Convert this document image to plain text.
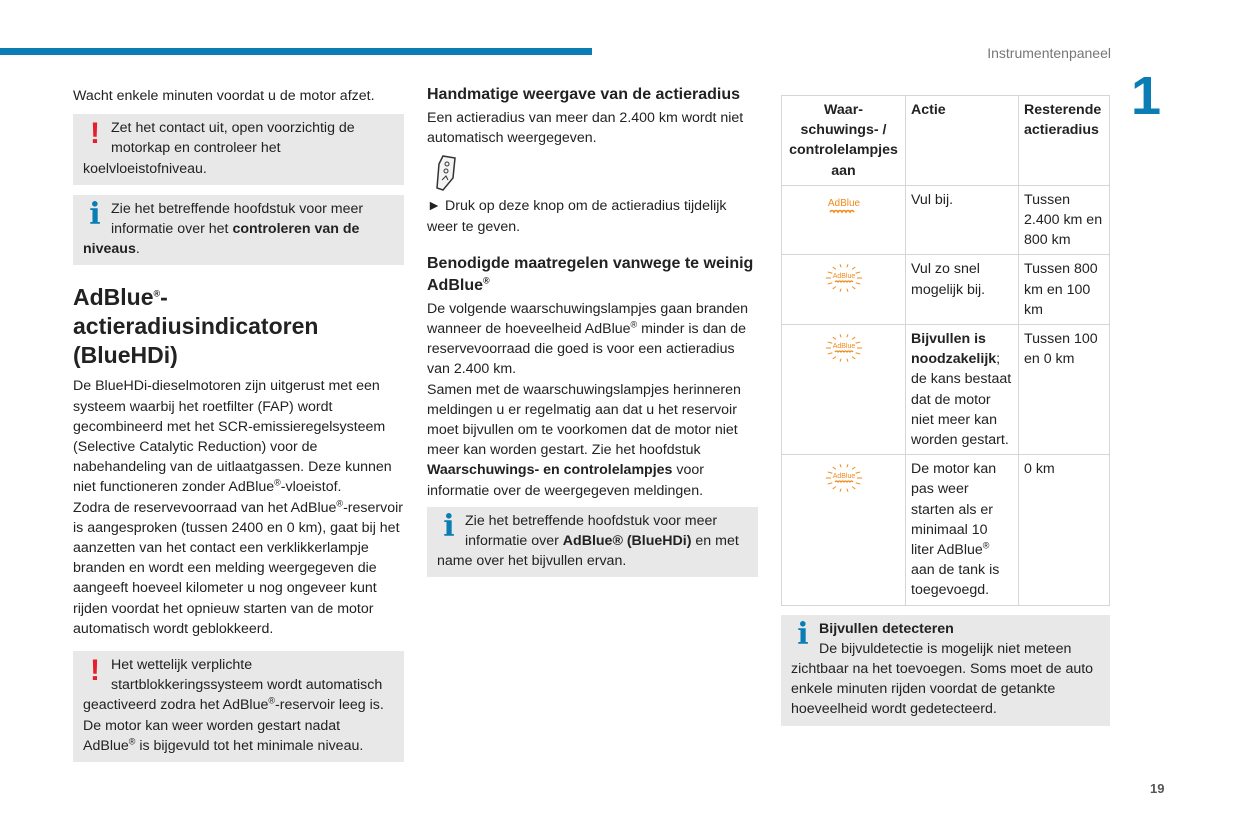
Instrumentenpaneel
1
19

Wacht enkele minuten voordat u de motor afzet.

! Zet het contact uit, open voorzichtig de motorkap en controleer het koelvloeistofniveau.

i Zie het betreffende hoofdstuk voor meer informatie over het controleren van de niveaus.

AdBlue®-actieradiusindicatoren (BlueHDi)

De BlueHDi-dieselmotoren zijn uitgerust met een systeem waarbij het roetfilter (FAP) wordt gecombineerd met het SCR-emissieregelsysteem (Selective Catalytic Reduction) voor de nabehandeling van de uitlaatgassen. Deze kunnen niet functioneren zonder AdBlue®-vloeistof.
Zodra de reservevoorraad van het AdBlue®-reservoir is aangesproken (tussen 2400 en 0 km), gaat bij het aanzetten van het contact een verklikkerlampje branden en wordt een melding weergegeven die aangeeft hoeveel kilometer u nog ongeveer kunt rijden voordat het opnieuw starten van de motor automatisch wordt geblokkeerd.

! Het wettelijk verplichte startblokkeringssysteem wordt automatisch geactiveerd zodra het AdBlue®-reservoir leeg is. De motor kan weer worden gestart nadat AdBlue® is bijgevuld tot het minimale niveau.

Handmatige weergave van de actieradius

Een actieradius van meer dan 2.400 km wordt niet automatisch weergegeven.

► Druk op deze knop om de actieradius tijdelijk weer te geven.

Benodigde maatregelen vanwege te weinig AdBlue®

De volgende waarschuwingslampjes gaan branden wanneer de hoeveelheid AdBlue® minder is dan de reservevoorraad die goed is voor een actieradius van 2.400 km.

Samen met de waarschuwingslampjes herinneren meldingen u er regelmatig aan dat u het reservoir moet bijvullen om te voorkomen dat de motor niet meer kan worden gestart. Zie het hoofdstuk Waarschuwings- en controlelampjes voor informatie over de weergegeven meldingen.

i Zie het betreffende hoofdstuk voor meer informatie over AdBlue® (BlueHDi) en met name over het bijvullen ervan.

Waar-schuwings- / controlelampjes aan	Actie	Resterende actieradius

AdBlue	Vul bij.	Tussen 2.400 km en 800 km

AdBlue	Vul zo snel mogelijk bij.	Tussen 800 km en 100 km

AdBlue	Bijvullen is noodzakelijk; de kans bestaat dat de motor niet meer kan worden gestart.	Tussen 100 en 0 km

AdBlue	De motor kan pas weer starten als er minimaal 10 liter AdBlue® aan de tank is toegevoegd.	0 km
i Bijvullen detecteren
De bijvuldetectie is mogelijk niet meteen zichtbaar na het toevoegen. Soms moet de auto enkele minuten rijden voordat de getankte hoeveelheid wordt gedetecteerd.
